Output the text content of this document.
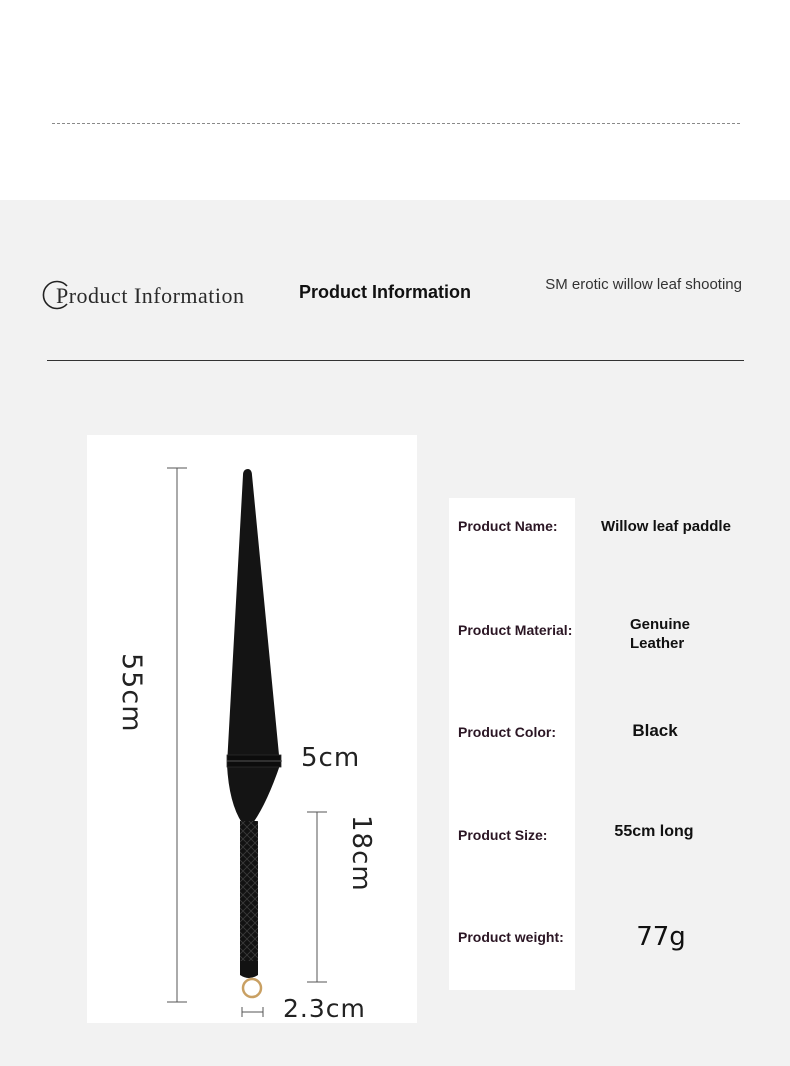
Product Information	Product Information	SM erotic willow leaf shooting
55cm
5cm
18cm
2.3cm
Product Name:	Willow leaf paddle
Product Material:	Genuine Leather
Product Color:	Black
Product Size:	55cm long
Product weight:	77g
